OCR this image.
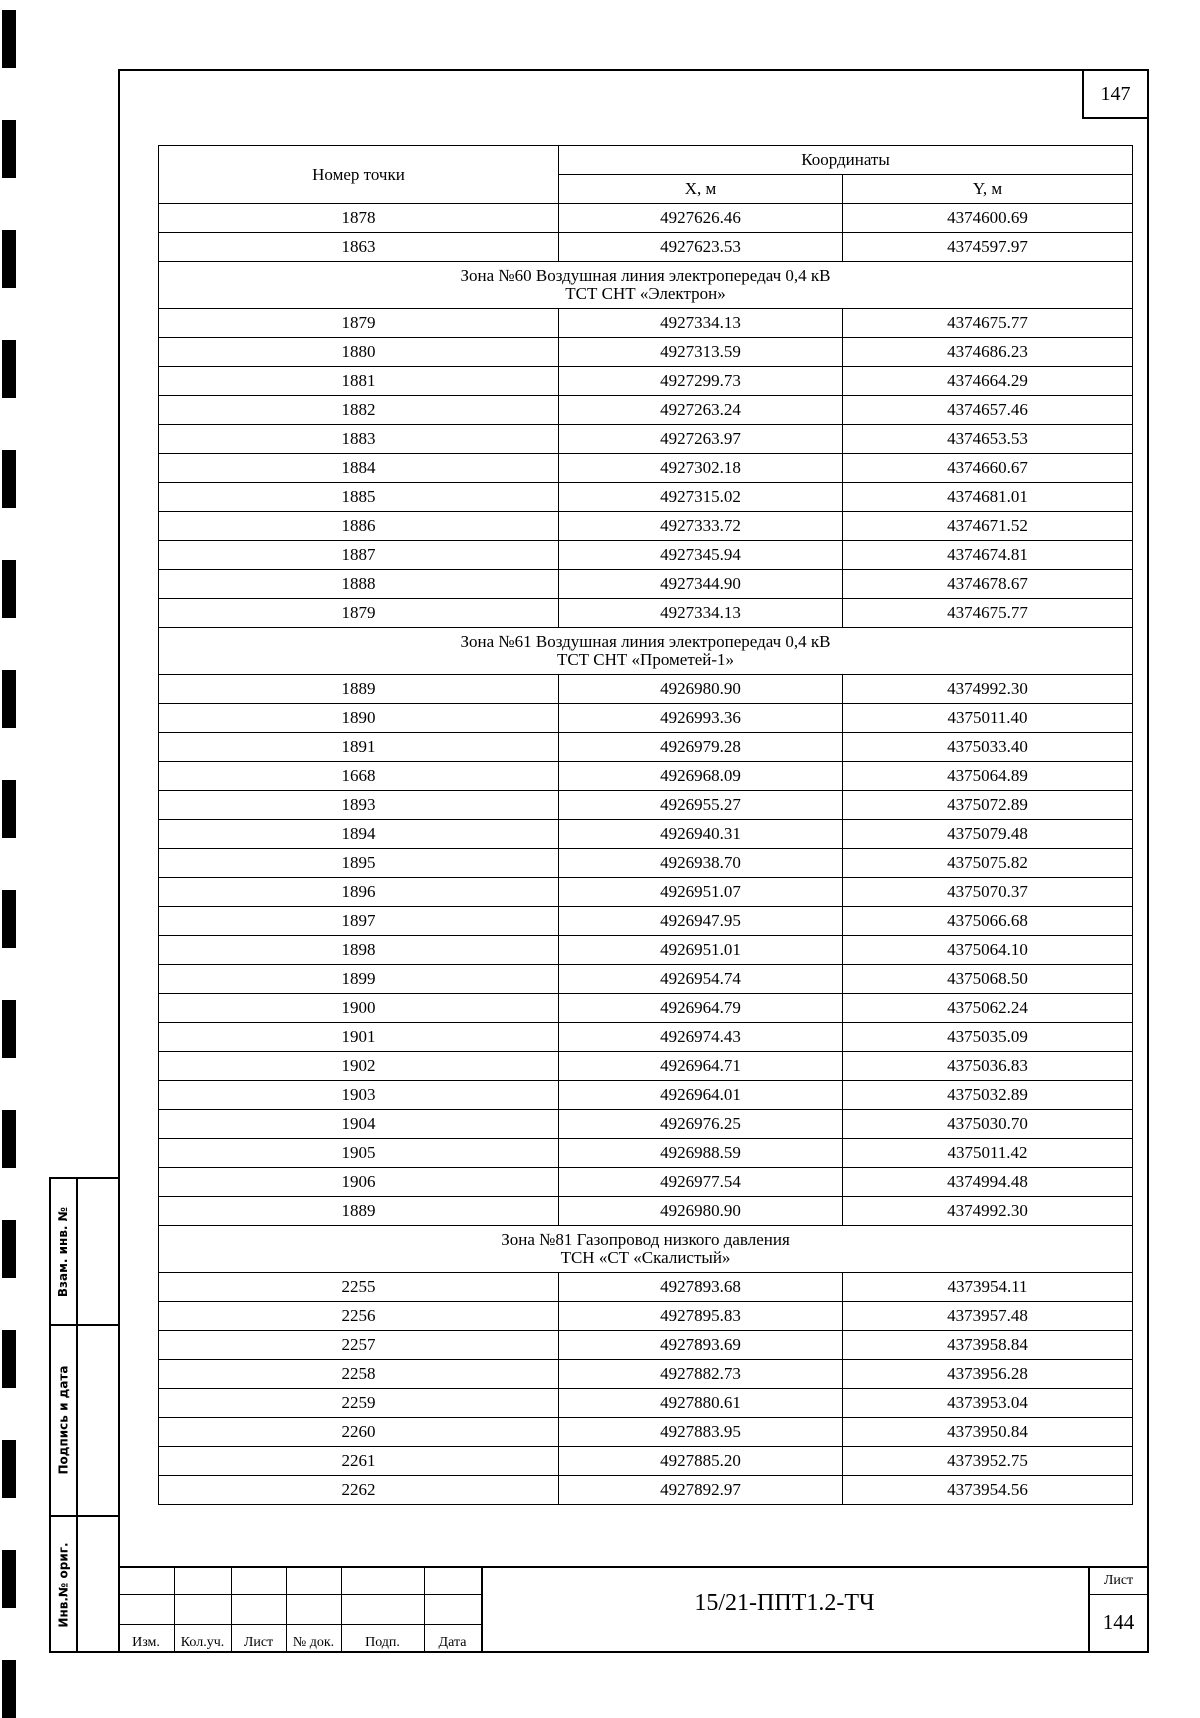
147
Номер точки	Координаты	
	X, м	Y, м
1878	4927626.46	4374600.69
1863	4927623.53	4374597.97

Зона №60 Воздушная линия электропередач 0,4 кВ
ТСТ СНТ «Электрон»		

1879	4927334.13	4374675.77
1880	4927313.59	4374686.23
1881	4927299.73	4374664.29
1882	4927263.24	4374657.46
1883	4927263.97	4374653.53
1884	4927302.18	4374660.67
1885	4927315.02	4374681.01
1886	4927333.72	4374671.52
1887	4927345.94	4374674.81
1888	4927344.90	4374678.67
1879	4927334.13	4374675.77

Зона №61 Воздушная линия электропередач 0,4 кВ
ТСТ СНТ «Прометей-1»		

1889	4926980.90	4374992.30
1890	4926993.36	4375011.40
1891	4926979.28	4375033.40
1668	4926968.09	4375064.89
1893	4926955.27	4375072.89
1894	4926940.31	4375079.48
1895	4926938.70	4375075.82
1896	4926951.07	4375070.37
1897	4926947.95	4375066.68
1898	4926951.01	4375064.10
1899	4926954.74	4375068.50
1900	4926964.79	4375062.24
1901	4926974.43	4375035.09
1902	4926964.71	4375036.83
1903	4926964.01	4375032.89
1904	4926976.25	4375030.70
1905	4926988.59	4375011.42
1906	4926977.54	4374994.48
1889	4926980.90	4374992.30

Зона №81 Газопровод низкого давления
ТСН «СТ «Скалистый»		

2255	4927893.68	4373954.11
2256	4927895.83	4373957.48
2257	4927893.69	4373958.84
2258	4927882.73	4373956.28
2259	4927880.61	4373953.04
2260	4927883.95	4373950.84
2261	4927885.20	4373952.75
2262	4927892.97	4373954.56
Взам. инв. №
Подпись и дата
Инв.№ ориг.
Изм.	Кол.уч.	Лист	№ док.	Подп.	Дата
15/21-ППТ1.2-ТЧ
Лист
144
